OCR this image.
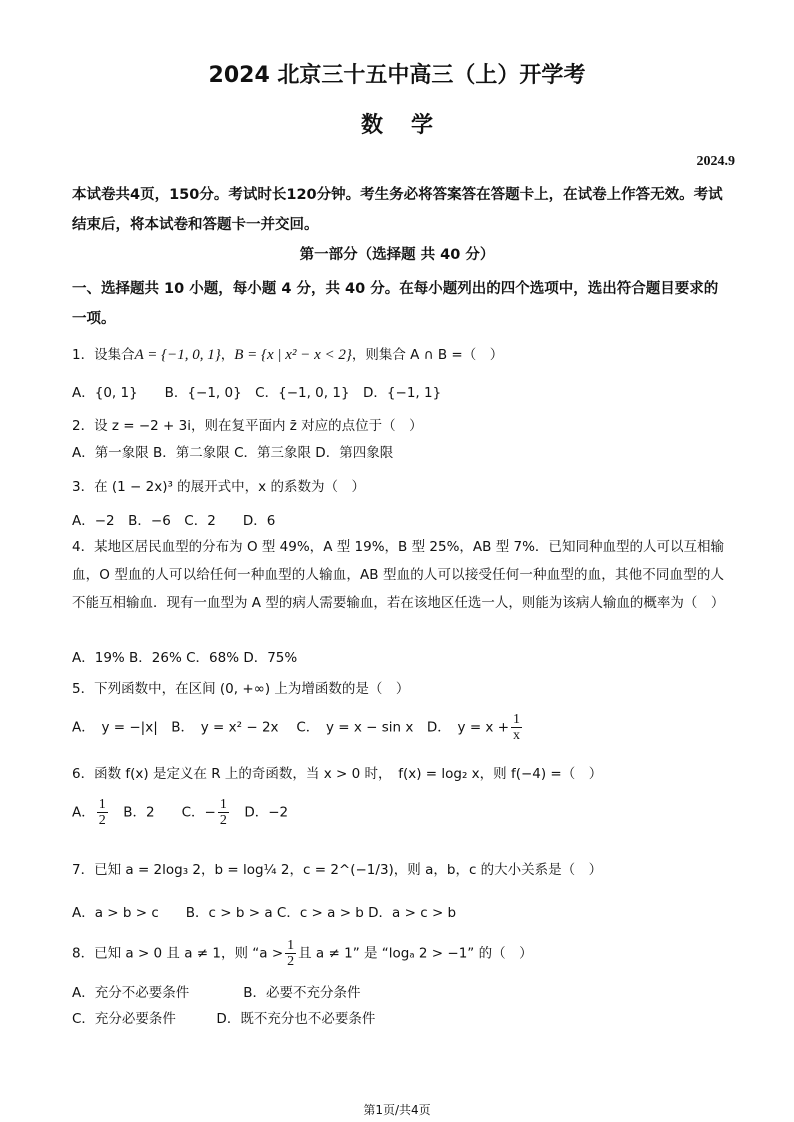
2024 北京三十五中高三（上）开学考
数学
2024.9
本试卷共4页，150分。考试时长120分钟。考生务必将答案答在答题卡上，在试卷上作答无效。考试结束后，将本试卷和答题卡一并交回。
第一部分（选择题 共 40 分）
一、选择题共 10 小题，每小题 4 分，共 40 分。在每小题列出的四个选项中，选出符合题目要求的一项。
1．设集合A = {−1, 0, 1}，B = {x | x² − x < 2}，则集合 A ∩ B =（　）
A．{0, 1}　　B．{−1, 0}　C．{−1, 0, 1}　D．{−1, 1}
2．设 z = −2 + 3i，则在复平面内 z̄ 对应的点位于（　）
A．第一象限 B．第二象限 C．第三象限 D．第四象限
3．在 (1 − 2x)³ 的展开式中，x 的系数为（　）
A．−2　B．−6　C．2　　D．6
4．某地区居民血型的分布为 O 型 49%，A 型 19%，B 型 25%，AB 型 7%．已知同种血型的人可以互相输血，O 型血的人可以给任何一种血型的人输血，AB 型血的人可以接受任何一种血型的血，其他不同血型的人不能互相输血．现有一血型为 A 型的病人需要输血，若在该地区任选一人，则能为该病人输血的概率为（　）
A．19% B．26% C．68% D．75%
5．下列函数中，在区间 (0, +∞) 上为增函数的是（　）
A．　y = −|x|　B．　y = x² − 2x　 C．　y = x − sin x　D．　$y = x + \frac{1}{x}$
6．函数 f(x) 是定义在 R 上的奇函数，当 x > 0 时，　f(x) = log₂ x，则 f(−4) =（　）
A． $\frac{1}{2}$ 　B．2　　C．− $\frac{1}{2}$ 　D．−2
7．已知 a = 2log₃ 2，b = log¼ 2，c = 2^(−1/3)，则 a，b，c 的大小关系是（　）
A．a > b > c　　B．c > b > a C．c > a > b D．a > c > b
8．已知 a > 0 且 a ≠ 1，则 “$a > \frac{1}{2}$ 且 a ≠ 1” 是 “logₐ 2 > −1” 的（　）
A．充分不必要条件　　　　B．必要不充分条件
C．充分必要条件　　　D．既不充分也不必要条件
第1页/共4页
